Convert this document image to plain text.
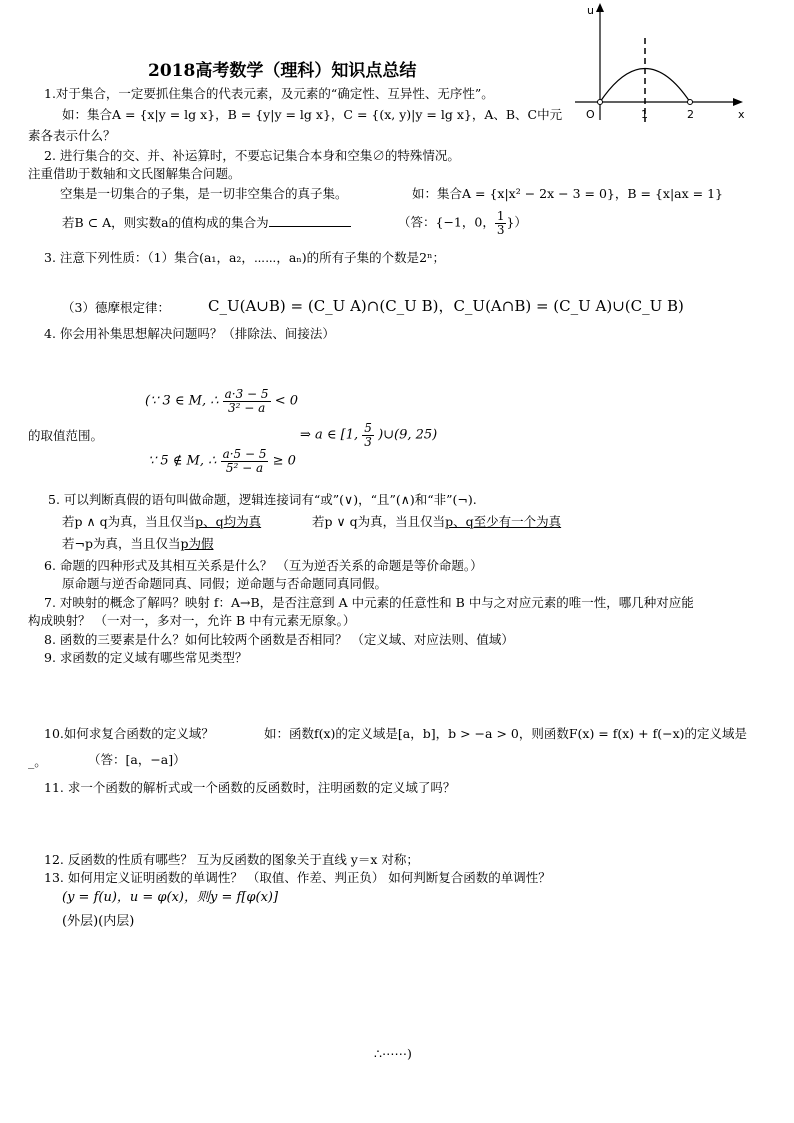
u
x
O	1	2
2018高考数学（理科）知识点总结
1.对于集合，一定要抓住集合的代表元素，及元素的“确定性、互异性、无序性”。
如：集合A = {x|y = lg x}，B = {y|y = lg x}，C = {(x, y)|y = lg x}，A、B、C中元
素各表示什么？
2. 进行集合的交、并、补运算时，不要忘记集合本身和空集∅的特殊情况。
注重借助于数轴和文氏图解集合问题。
空集是一切集合的子集，是一切非空集合的真子集。	如：集合A = {x|x² − 2x − 3 = 0}，B = {x|ax = 1}
若B ⊂ A，则实数a的值构成的集合为	（答：{−1，0， $\frac{1}{3}$ }）
3. 注意下列性质：（1）集合(a₁，a₂，⋯⋯，aₙ)的所有子集的个数是2ⁿ；
（3）德摩根定律：	C_U(A∪B) = (C_U A)∩(C_U B)，C_U(A∩B) = (C_U A)∪(C_U B)
4. 你会用补集思想解决问题吗？（排除法、间接法）
(∵ 3 ∈ M, ∴ $\frac{a\cdot 3 - 5}{\text{3² − a}} < 0$
的取值范围。	⇒ a ∈ [1, $\frac{5}{3}$ )∪(9, 25)
∵ 5 ∉ M, ∴ $\frac{a\cdot 5 - 5}{\text{5² − a}} \ge 0$
5. 可以判断真假的语句叫做命题，逻辑连接词有“或”(∨)，“且”(∧)和“非”(¬).
若p ∧ q为真，当且仅当p、q均为真	若p ∨ q为真，当且仅当p、q至少有一个为真
若¬p为真，当且仅当p为假
6. 命题的四种形式及其相互关系是什么？ （互为逆否关系的命题是等价命题。）
原命题与逆否命题同真、同假；逆命题与否命题同真同假。
7. 对映射的概念了解吗？映射 f：A→B，是否注意到 A 中元素的任意性和 B 中与之对应元素的唯一性，哪几种对应能
构成映射？ （一对一，多对一，允许 B 中有元素无原象。）
8. 函数的三要素是什么？如何比较两个函数是否相同？ （定义域、对应法则、值域）
9. 求函数的定义域有哪些常见类型？
10.如何求复合函数的定义域？	如：函数f(x)的定义域是[a，b]，b > −a > 0，则函数F(x) = f(x) + f(−x)的定义域是
_。	（答：[a，−a]）
11. 求一个函数的解析式或一个函数的反函数时，注明函数的定义域了吗？
12. 反函数的性质有哪些？ 互为反函数的图象关于直线 y＝x 对称；
13. 如何用定义证明函数的单调性？ （取值、作差、判正负） 如何判断复合函数的单调性？
(y = f(u)，u = φ(x)，则y = f[φ(x)]
(外层)(内层)
∴⋯⋯)
